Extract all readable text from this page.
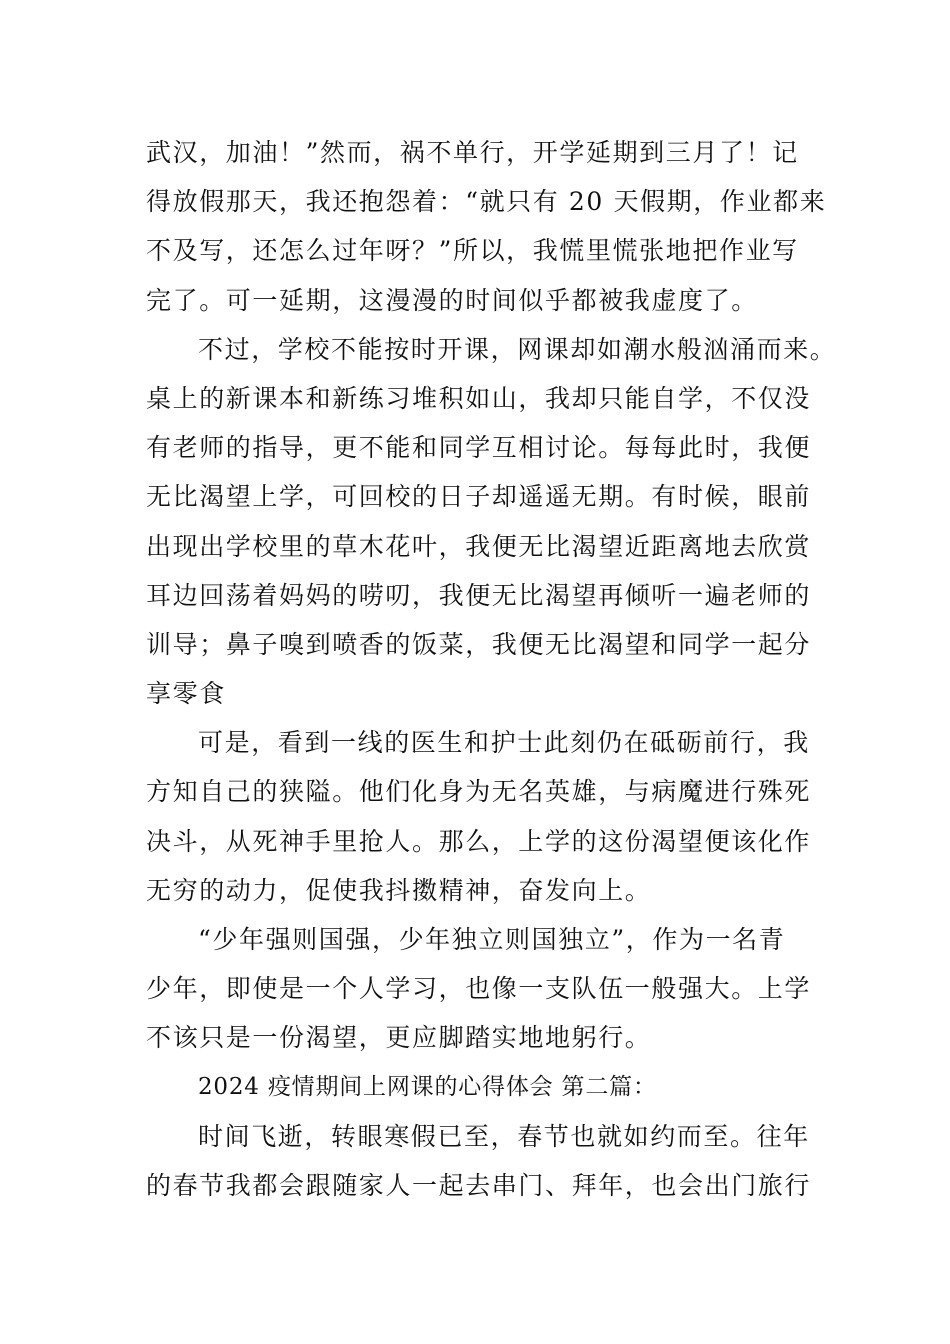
武汉，加油！”然而，祸不单行，开学延期到三月了！记
得放假那天，我还抱怨着：“就只有 20 天假期，作业都来
不及写，还怎么过年呀？”所以，我慌里慌张地把作业写
完了。可一延期，这漫漫的时间似乎都被我虚度了。
不过，学校不能按时开课，网课却如潮水般汹涌而来。
桌上的新课本和新练习堆积如山，我却只能自学，不仅没
有老师的指导，更不能和同学互相讨论。每每此时，我便
无比渴望上学，可回校的日子却遥遥无期。有时候，眼前
出现出学校里的草木花叶，我便无比渴望近距离地去欣赏
耳边回荡着妈妈的唠叨，我便无比渴望再倾听一遍老师的
训导；鼻子嗅到喷香的饭菜，我便无比渴望和同学一起分
享零食
可是，看到一线的医生和护士此刻仍在砥砺前行，我
方知自己的狭隘。他们化身为无名英雄，与病魔进行殊死
决斗，从死神手里抢人。那么，上学的这份渴望便该化作
无穷的动力，促使我抖擞精神，奋发向上。
“少年强则国强，少年独立则国独立”，作为一名青
少年，即使是一个人学习，也像一支队伍一般强大。上学
不该只是一份渴望，更应脚踏实地地躬行。
2024 疫情期间上网课的心得体会 第二篇：
时间飞逝，转眼寒假已至，春节也就如约而至。往年
的春节我都会跟随家人一起去串门、拜年，也会出门旅行
